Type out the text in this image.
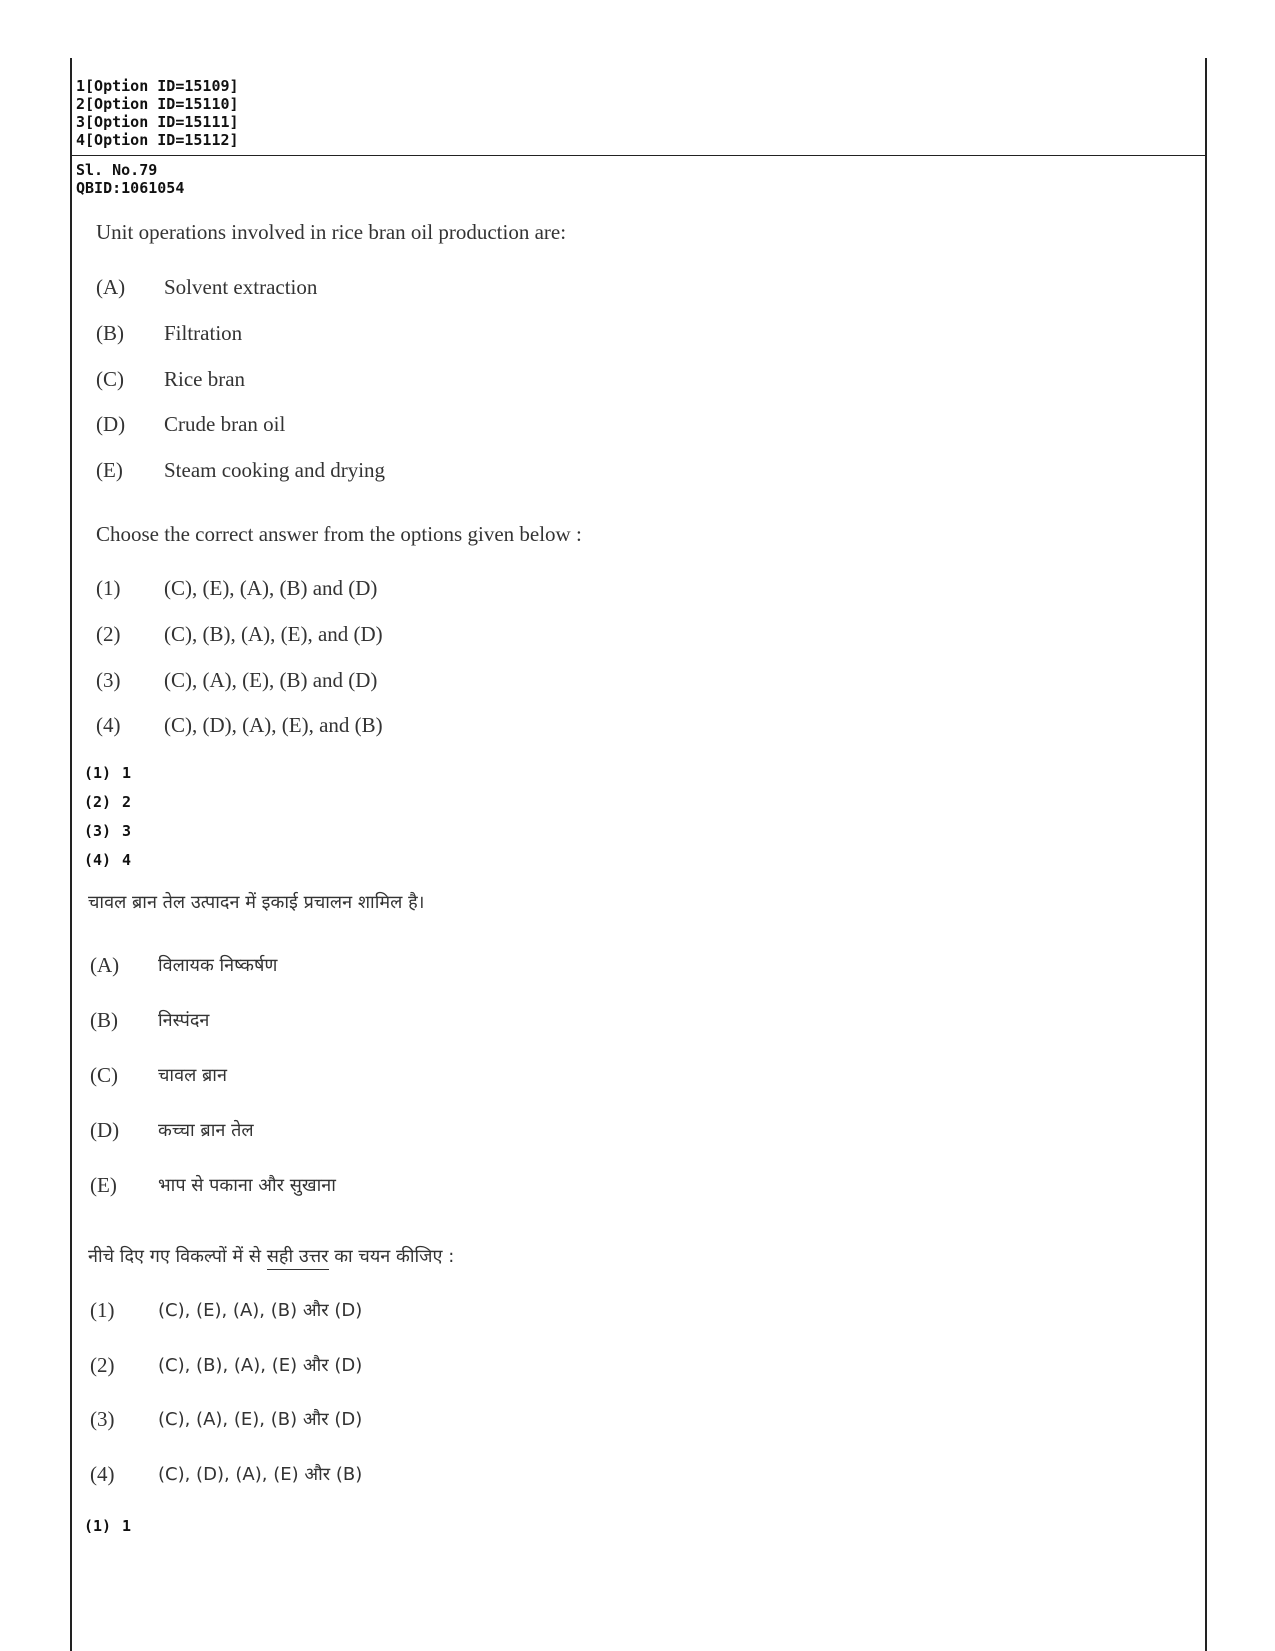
1[Option ID=15109]
2[Option ID=15110]
3[Option ID=15111]
4[Option ID=15112]
Sl. No.79
QBID:1061054
Unit operations involved in rice bran oil production are:
(A) Solvent extraction
(B) Filtration
(C) Rice bran
(D) Crude bran oil
(E) Steam cooking and drying
Choose the correct answer from the options given below :
(1) (C), (E), (A), (B) and (D)
(2) (C), (B), (A), (E), and (D)
(3) (C), (A), (E), (B) and (D)
(4) (C), (D), (A), (E), and (B)
(1) 1
(2) 2
(3) 3
(4) 4
चावल ब्रान तेल उत्पादन में इकाई प्रचालन शामिल है।
(A) विलायक निष्कर्षण
(B) निस्पंदन
(C) चावल ब्रान
(D) कच्चा ब्रान तेल
(E) भाप से पकाना और सुखाना
नीचे दिए गए विकल्पों में से सही उत्तर का चयन कीजिए :
(1) (C), (E), (A), (B) और (D)
(2) (C), (B), (A), (E) और (D)
(3) (C), (A), (E), (B) और (D)
(4) (C), (D), (A), (E) और (B)
(1) 1
